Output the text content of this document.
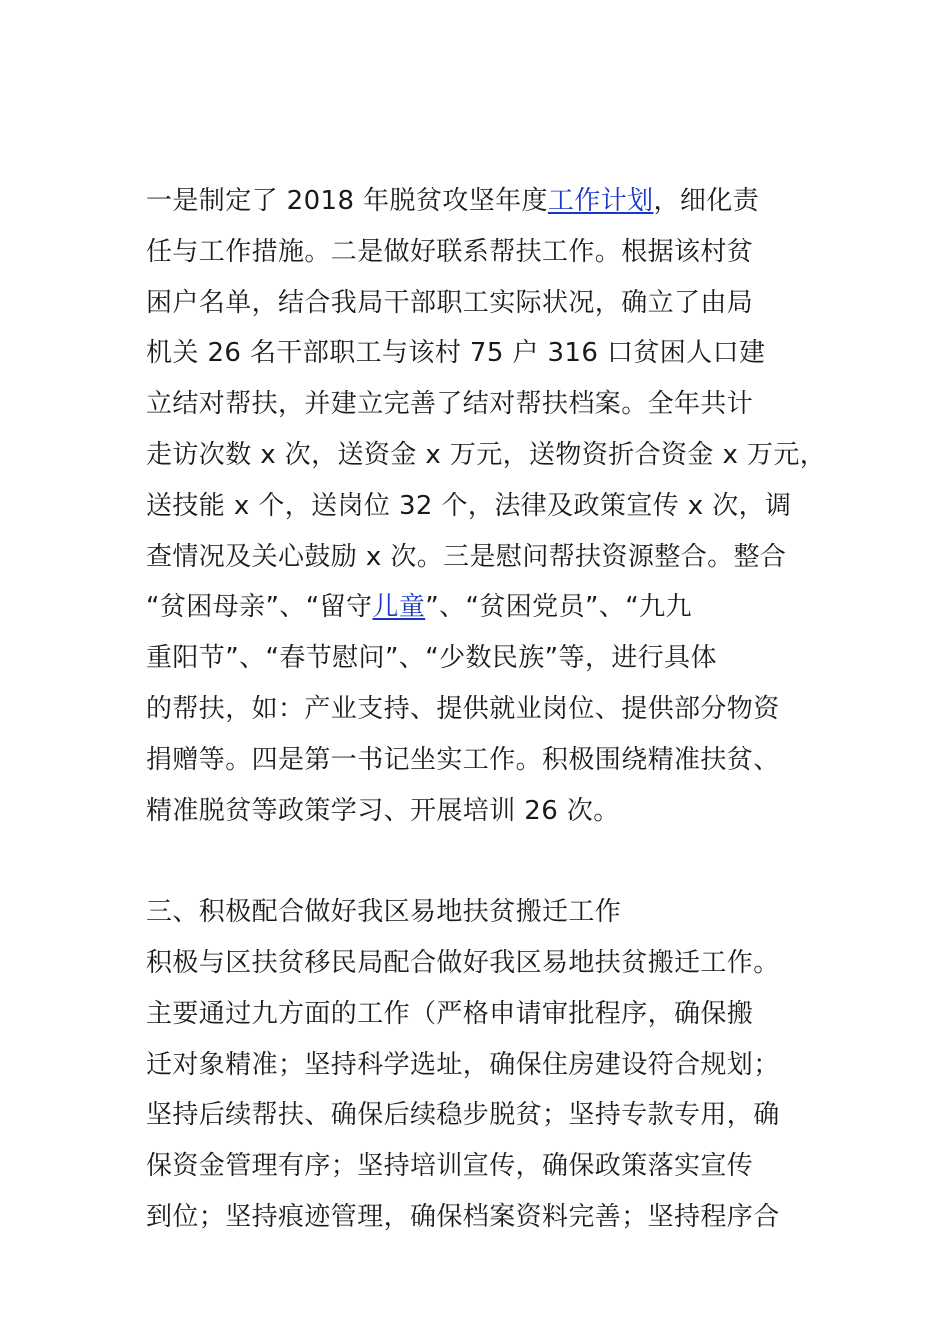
一是制定了 2018 年脱贫攻坚年度工作计划，细化责
任与工作措施。二是做好联系帮扶工作。根据该村贫
困户名单，结合我局干部职工实际状况，确立了由局
机关 26 名干部职工与该村 75 户 316 口贫困人口建
立结对帮扶，并建立完善了结对帮扶档案。全年共计
走访次数 x 次，送资金 x 万元，送物资折合资金 x 万元，
送技能 x 个，送岗位 32 个，法律及政策宣传 x 次，调
查情况及关心鼓励 x 次。三是慰问帮扶资源整合。整合
“贫困母亲”、“留守儿童”、“贫困党员”、“九九
重阳节”、“春节慰问”、“少数民族”等，进行具体
的帮扶，如：产业支持、提供就业岗位、提供部分物资
捐赠等。四是第一书记坐实工作。积极围绕精准扶贫、
精准脱贫等政策学习、开展培训 26 次。
三、积极配合做好我区易地扶贫搬迁工作
积极与区扶贫移民局配合做好我区易地扶贫搬迁工作。
主要通过九方面的工作（严格申请审批程序，确保搬
迁对象精准；坚持科学选址，确保住房建设符合规划；
坚持后续帮扶、确保后续稳步脱贫；坚持专款专用，确
保资金管理有序；坚持培训宣传，确保政策落实宣传
到位；坚持痕迹管理，确保档案资料完善；坚持程序合
